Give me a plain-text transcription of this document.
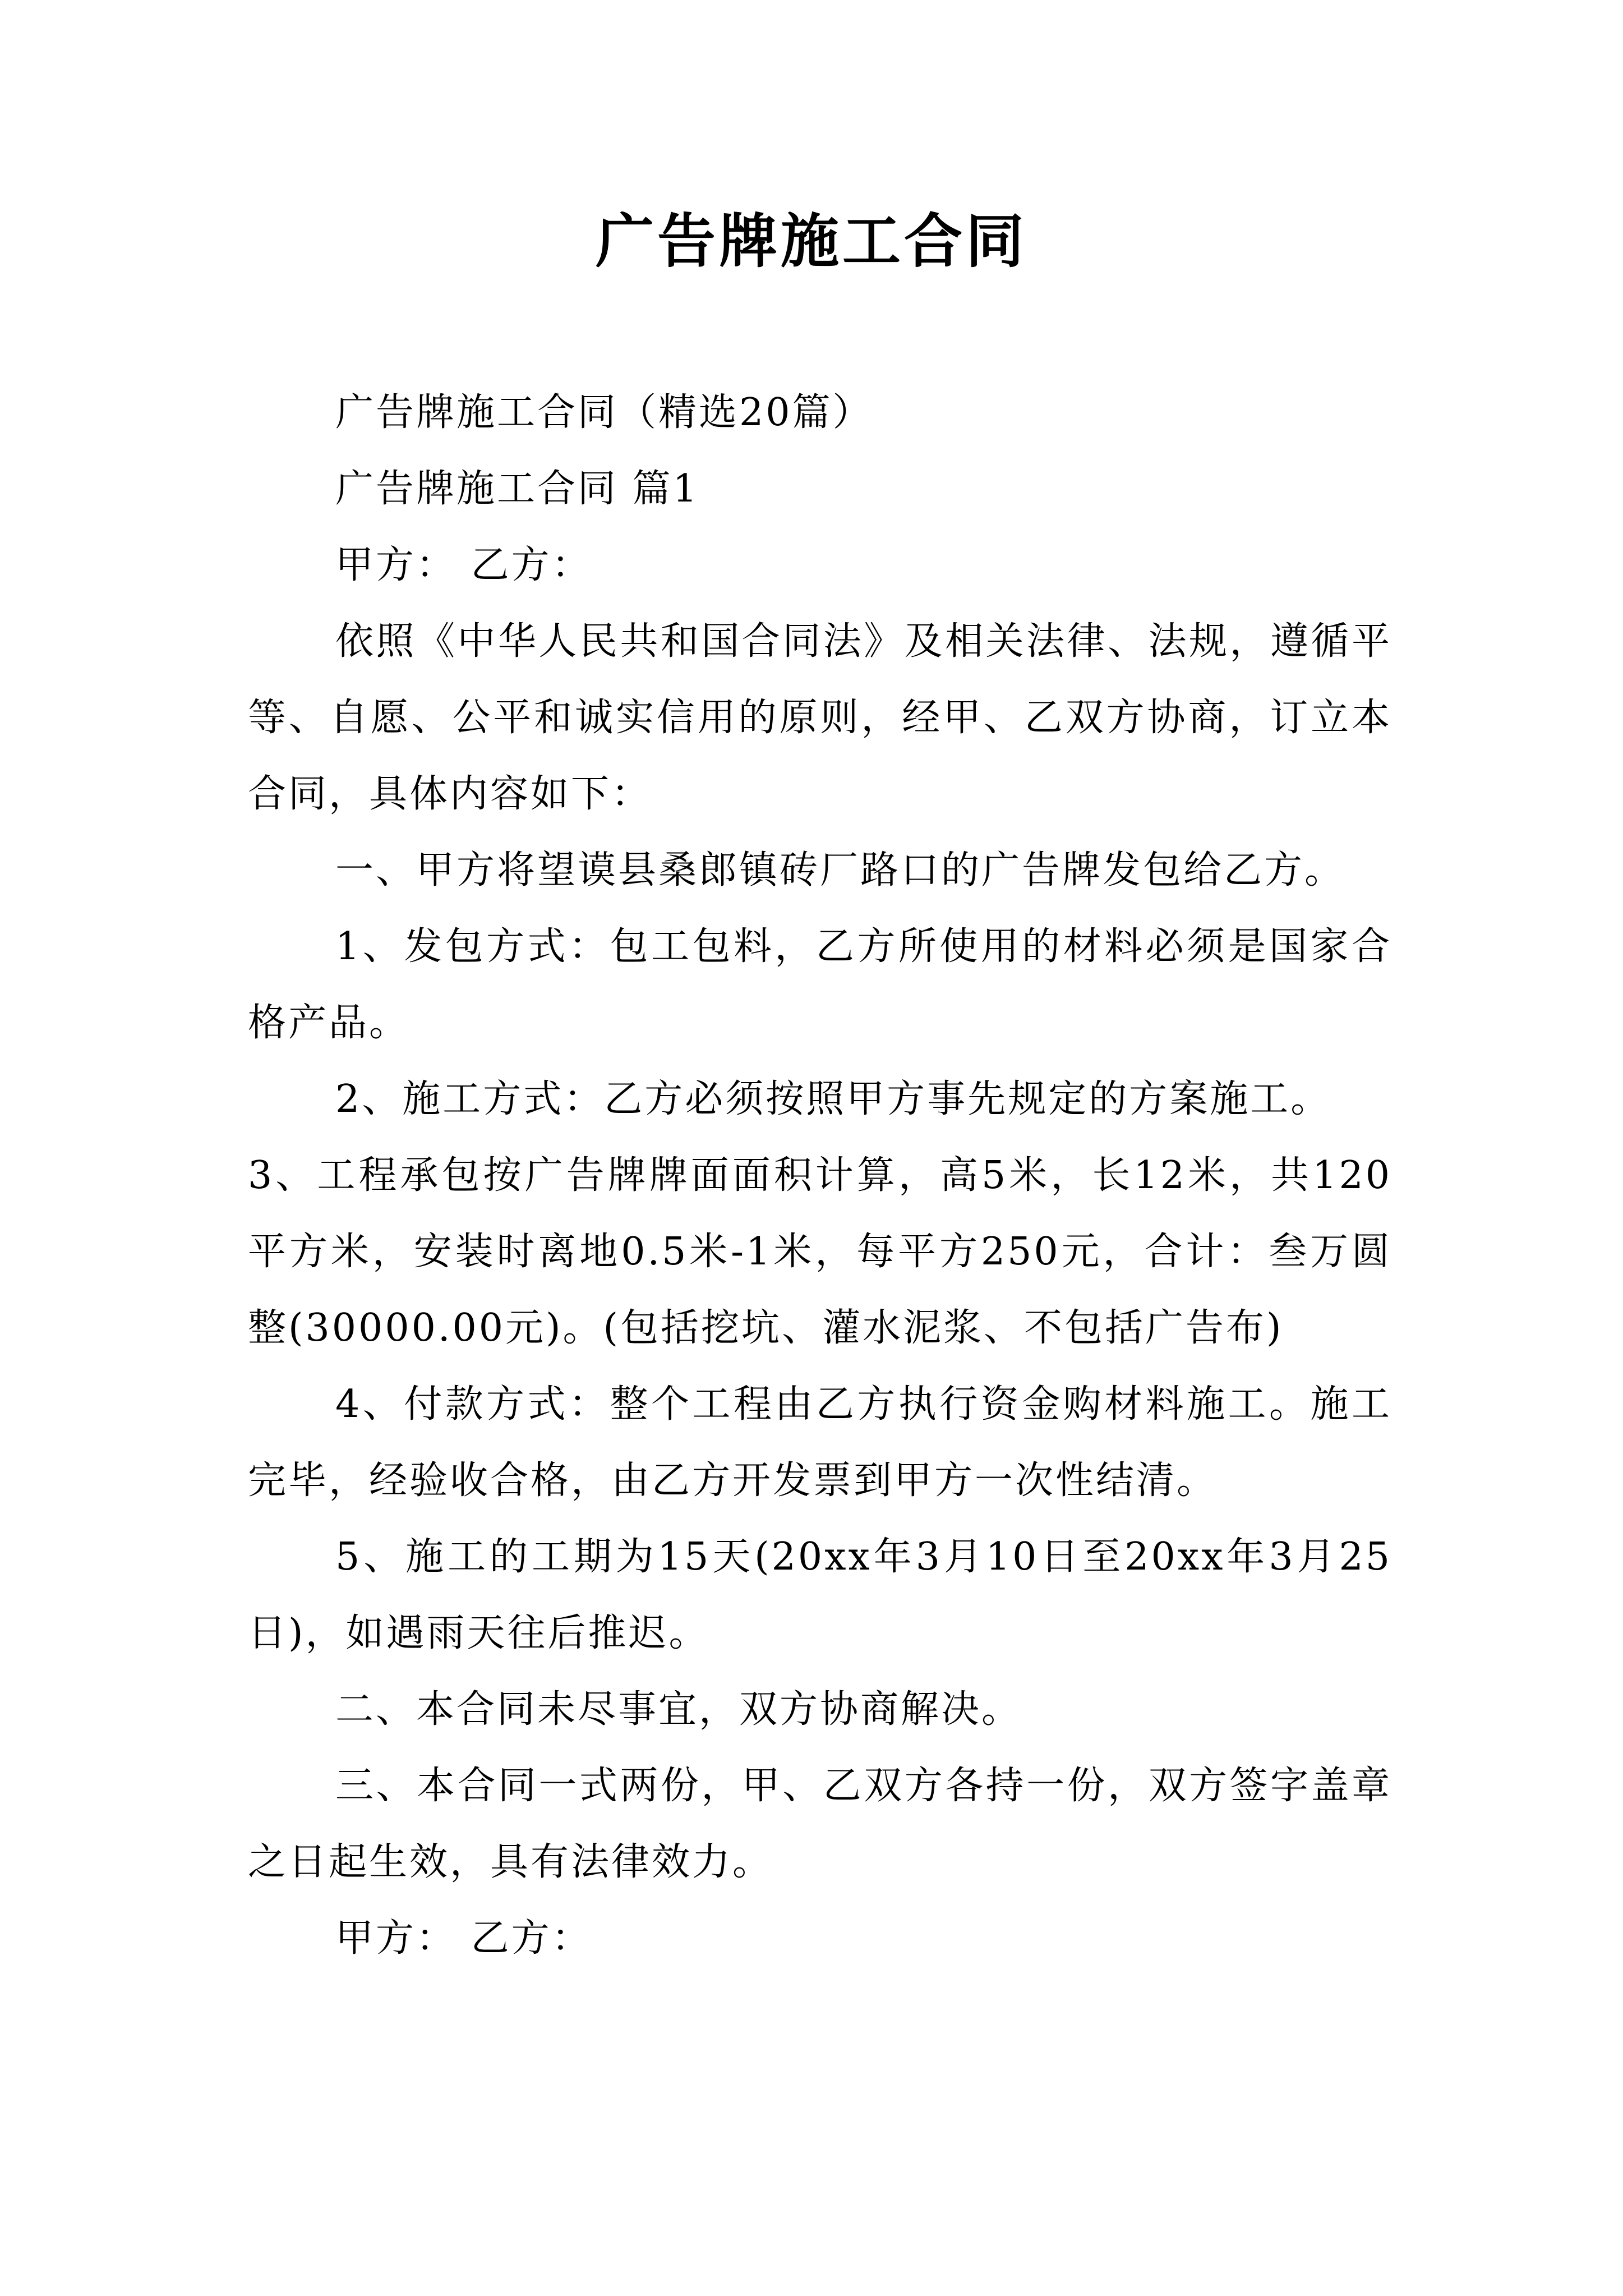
广告牌施工合同

广告牌施工合同（精选20篇）

广告牌施工合同 篇1

甲方： 乙方：

依照《中华人民共和国合同法》及相关法律、法规，遵循平等、自愿、公平和诚实信用的原则，经甲、乙双方协商，订立本合同，具体内容如下：

一、甲方将望谟县桑郎镇砖厂路口的广告牌发包给乙方。

1、发包方式：包工包料，乙方所使用的材料必须是国家合格产品。

2、施工方式：乙方必须按照甲方事先规定的方案施工。

3、工程承包按广告牌牌面面积计算，高5米，长12米，共120平方米，安装时离地0.5米-1米，每平方250元，合计：叁万圆整(30000.00元)。(包括挖坑、灌水泥浆、不包括广告布)

4、付款方式：整个工程由乙方执行资金购材料施工。施工完毕，经验收合格，由乙方开发票到甲方一次性结清。

5、施工的工期为15天(20xx年3月10日至20xx年3月25日)，如遇雨天往后推迟。

二、本合同未尽事宜，双方协商解决。

三、本合同一式两份，甲、乙双方各持一份，双方签字盖章之日起生效，具有法律效力。

甲方： 乙方：
